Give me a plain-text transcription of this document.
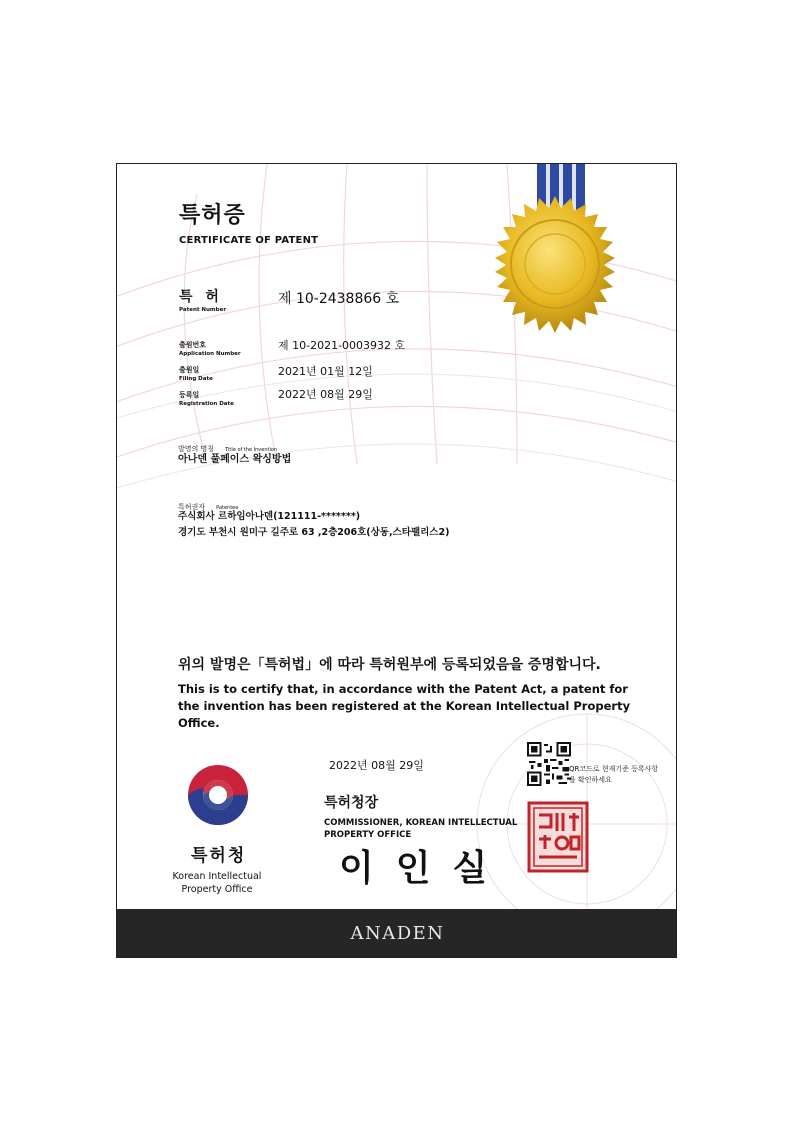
특허증
CERTIFICATE OF PATENT
특 허
Patent Number
제 10-2438866 호
출원번호
Application Number
제 10-2021-0003932 호
출원일
Filing Date
2021년 01월 12일
등록일
Registration Date
2022년 08월 29일
발명의 명칭 Title of the Invention
아나덴 풀페이스 왁싱방법
특허권자 Patentee
주식회사 르하임아나덴(121111-*******)
경기도 부천시 원미구 길주로 63 ,2층206호(상동,스타팰리스2)
위의 발명은「특허법」에 따라 특허원부에 등록되었음을 증명합니다.
This is to certify that, in accordance with the Patent Act, a patent for the invention has been registered at the Korean Intellectual Property Office.
특허청
Korean Intellectual Property Office
2022년 08월 29일	QR코드로 현재기준 등록사항을 확인하세요
특허청장
COMMISSIONER, KOREAN INTELLECTUAL PROPERTY OFFICE
이인실
ANADEN
